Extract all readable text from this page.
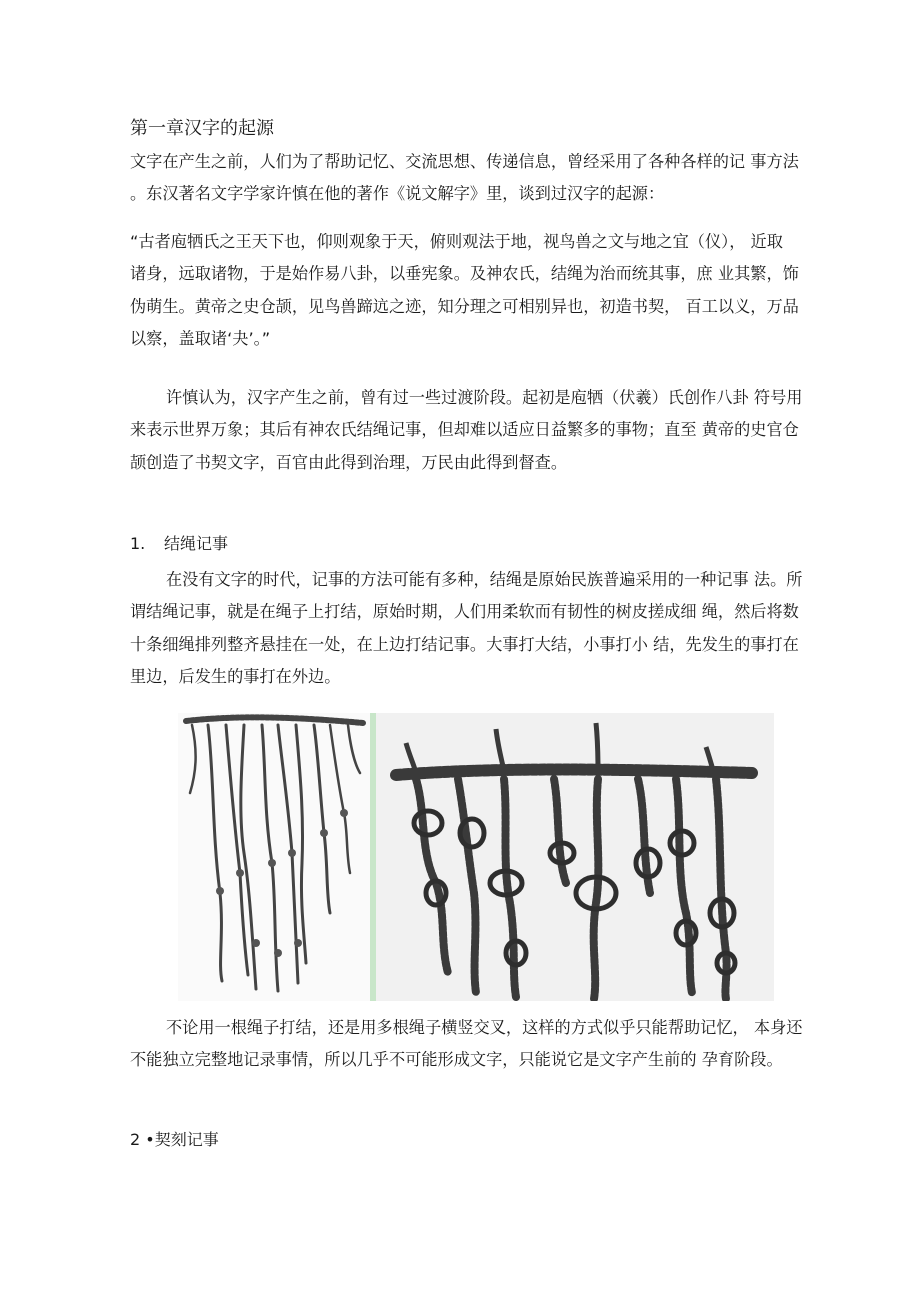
第一章汉字的起源
文字在产生之前，人们为了帮助记忆、交流思想、传递信息，曾经采用了各种各样的记 事方法
。东汉著名文字学家许慎在他的著作《说文解字》里，谈到过汉字的起源：
“古者庖牺氏之王天下也，仰则观象于天，俯则观法于地，视鸟兽之文与地之宜（仪）， 近取
诸身，远取诸物，于是始作易八卦，以垂宪象。及神农氏，结绳为治而统其事，庶 业其繁，饰
伪萌生。黄帝之史仓颉，见鸟兽蹄迒之迹，知分理之可相别异也，初造书契， 百工以义，万品
以察，盖取诸‘夬’。”
许慎认为，汉字产生之前，曾有过一些过渡阶段。起初是庖牺（伏羲）氏创作八卦 符号用
来表示世界万象；其后有神农氏结绳记事，但却难以适应日益繁多的事物；直至 黄帝的史官仓
颉创造了书契文字，百官由此得到治理，万民由此得到督查。
1. 结绳记事
在没有文字的时代，记事的方法可能有多种，结绳是原始民族普遍采用的一种记事 法。所
谓结绳记事，就是在绳子上打结，原始时期，人们用柔软而有韧性的树皮搓成细 绳，然后将数
十条细绳排列整齐悬挂在一处，在上边打结记事。大事打大结，小事打小 结，先发生的事打在
里边，后发生的事打在外边。
不论用一根绳子打结，还是用多根绳子横竖交叉，这样的方式似乎只能帮助记忆， 本身还
不能独立完整地记录事情，所以几乎不可能形成文字，只能说它是文字产生前的 孕育阶段。
2 •契刻记事
